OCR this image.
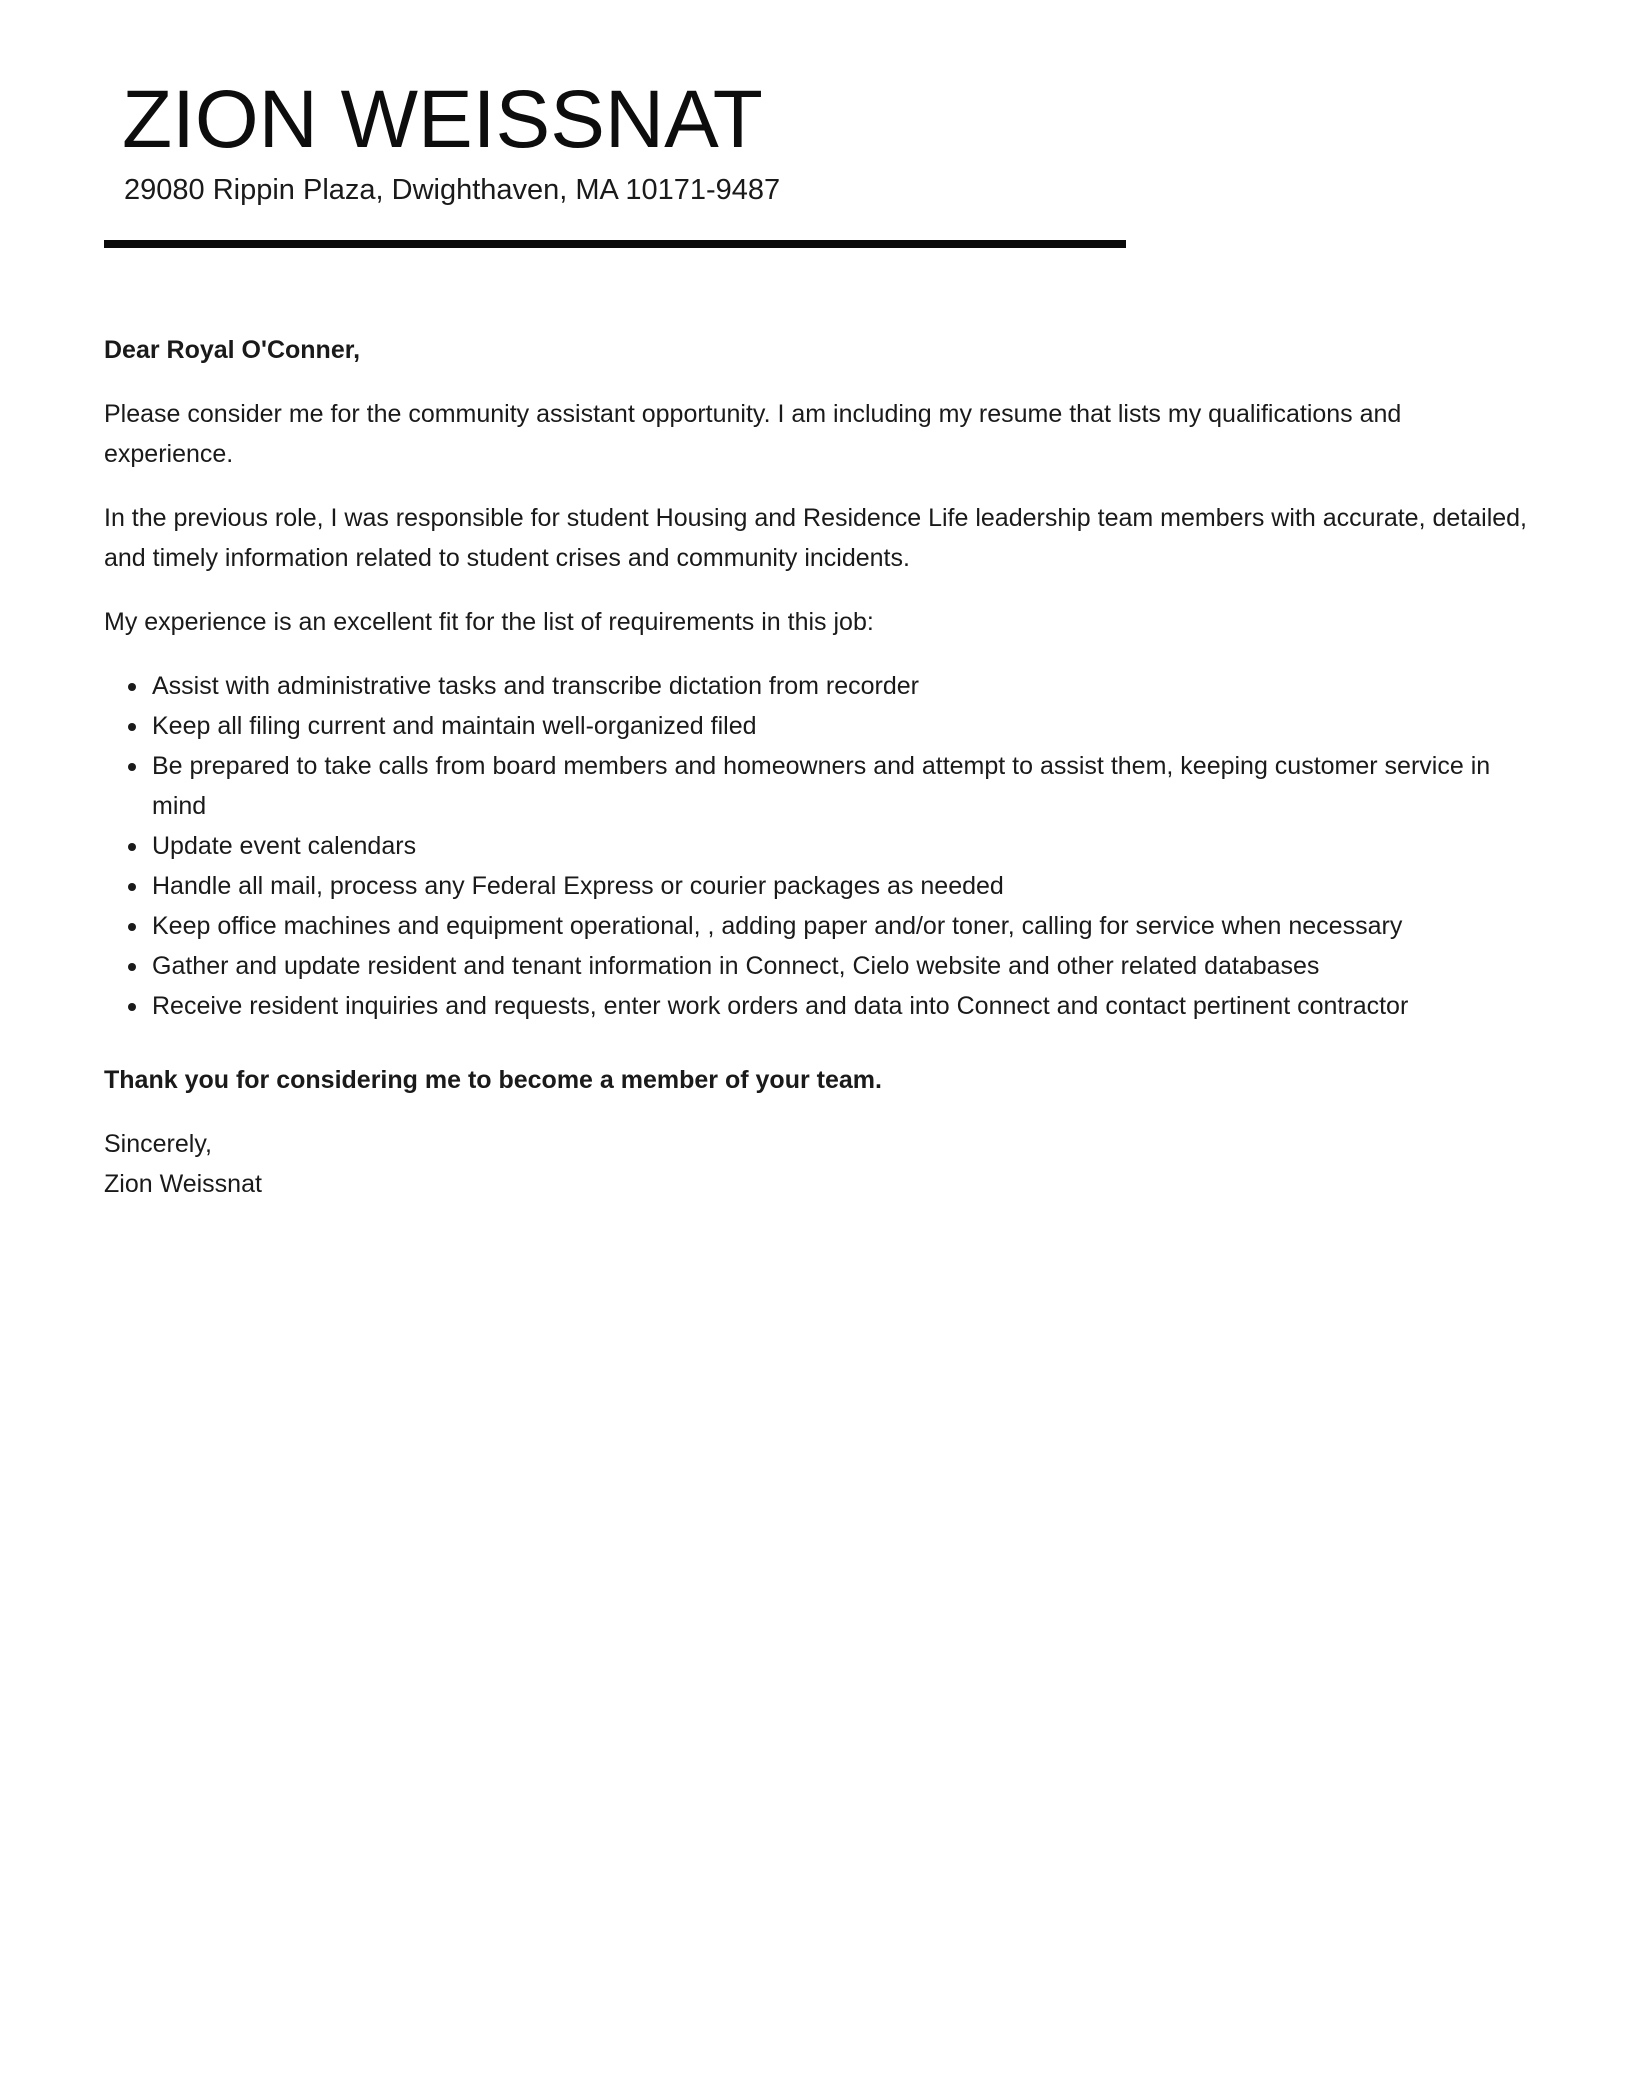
ZION WEISSNAT
29080 Rippin Plaza, Dwighthaven, MA 10171-9487

Dear Royal O'Conner,

Please consider me for the community assistant opportunity. I am including my resume that lists my qualifications and experience.

In the previous role, I was responsible for student Housing and Residence Life leadership team members with accurate, detailed, and timely information related to student crises and community incidents.

My experience is an excellent fit for the list of requirements in this job:

Assist with administrative tasks and transcribe dictation from recorder
Keep all filing current and maintain well-organized filed
Be prepared to take calls from board members and homeowners and attempt to assist them, keeping customer service in mind
Update event calendars
Handle all mail, process any Federal Express or courier packages as needed
Keep office machines and equipment operational, , adding paper and/or toner, calling for service when necessary
Gather and update resident and tenant information in Connect, Cielo website and other related databases
Receive resident inquiries and requests, enter work orders and data into Connect and contact pertinent contractor

Thank you for considering me to become a member of your team.

Sincerely,

Zion Weissnat
